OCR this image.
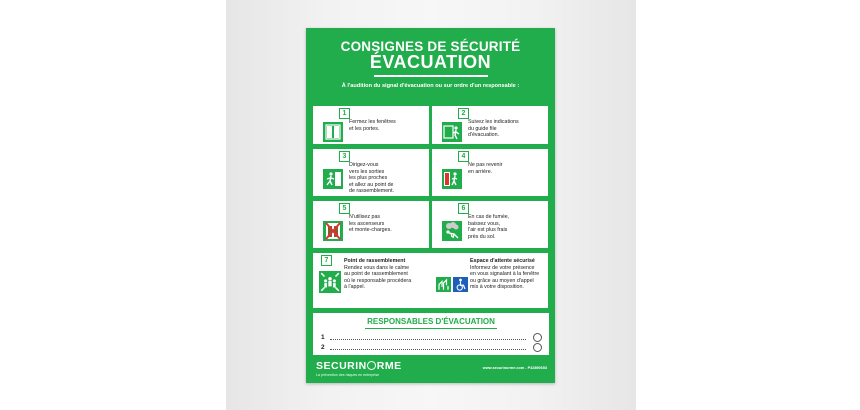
CONSIGNES DE SÉCURITÉ
ÉVACUATION
À l'audition du signal d'évacuation ou sur ordre d'un responsable :
1
Fermez les fenêtres
et les portes.
2
Suivez les indications
du guide file
d'évacuation.
3
Dirigez-vous
vers les sorties
les plus proches
et allez au point de
de rassemblement.
4
Ne pas revenir
en arrière.
5
N'utilisez pas
les ascenseurs
et monte-charges.
6
En cas de fumée,
baissez vous,
l'air est plus frais
près du sol.
7	Point de rassemblement
Rendez vous dans le calme
au point de rassemblement
où le responsable procédera
à l'appel.
Espace d'attente sécurisé
Informez de votre présence
en vous signalant à la fenêtre
ou grâce au moyen d'appel
mis à votre disposition.
RESPONSABLES D'ÉVACUATION
1
2
SECURIN RME
La prévention des risques en entreprise
www.securinorme.com - P42890653
